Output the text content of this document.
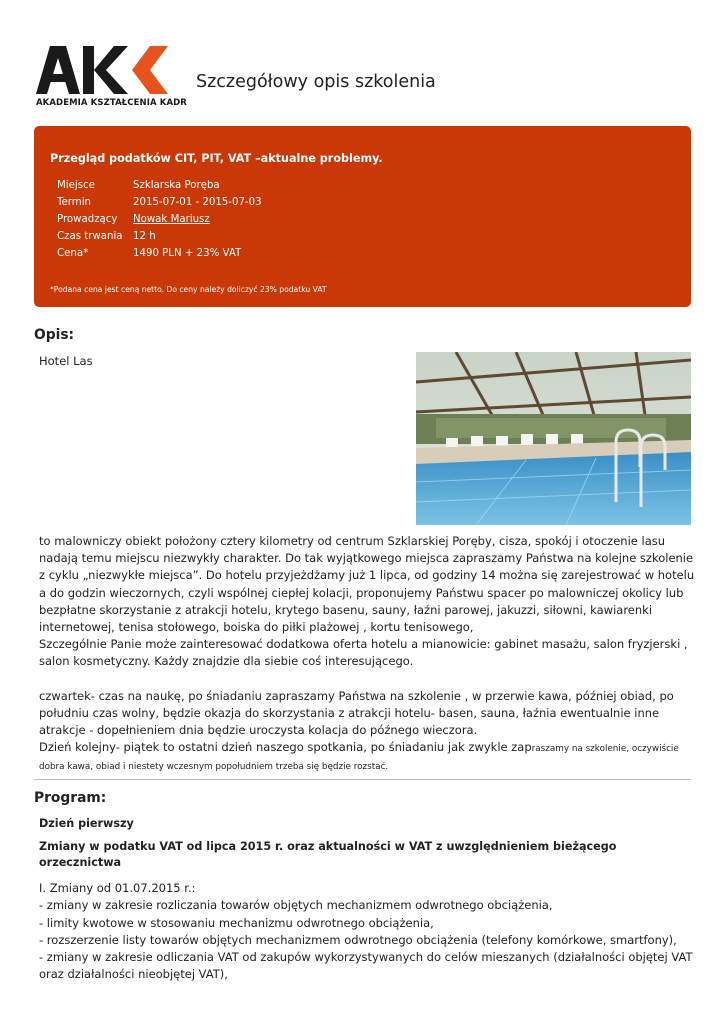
AKADEMIA KSZTAŁCENIA KADR
Szczegółowy opis szkolenia
Przegląd podatków CIT, PIT, VAT –aktualne problemy.
Miejsce	Szklarska Poręba
Termin	2015-07-01 - 2015-07-03
Prowadzący	Nowak Mariusz
Czas trwania	12 h
Cena*	1490 PLN + 23% VAT
*Podana cena jest ceną netto. Do ceny należy doliczyć 23% podatku VAT
Opis:
Hotel Las

to malowniczy obiekt położony cztery kilometry od centrum Szklarskiej Poręby, cisza, spokój i otoczenie lasu

nadają temu miejscu niezwykły charakter. Do tak wyjątkowego miejsca zapraszamy Państwa na kolejne szkolenie

z cyklu „niezwykłe miejsca”. Do hotelu przyjeżdżamy już 1 lipca, od godziny 14 można się zarejestrować w hotelu

a do godzin wieczornych, czyli wspólnej ciepłej kolacji, proponujemy Państwu spacer po malowniczej okolicy lub

bezpłatne skorzystanie z atrakcji hotelu, krytego basenu, sauny, łaźni parowej, jakuzzi, siłowni, kawiarenki

internetowej, tenisa stołowego, boiska do piłki plażowej , kortu tenisowego,

Szczególnie Panie może zainteresować dodatkowa oferta hotelu a mianowicie: gabinet masażu, salon fryzjerski ,

salon kosmetyczny. Każdy znajdzie dla siebie coś interesującego.

czwartek- czas na naukę, po śniadaniu zapraszamy Państwa na szkolenie , w przerwie kawa, później obiad, po

południu czas wolny, będzie okazja do skorzystania z atrakcji hotelu- basen, sauna, łaźnia ewentualnie inne

atrakcje - dopełnieniem dnia będzie uroczysta kolacja do późnego wieczora.

Dzień kolejny- piątek to ostatni dzień naszego spotkania, po śniadaniu jak zwykle zapraszamy na szkolenie, oczywiście

dobra kawa, obiad i niestety wczesnym popołudniem trzeba się będzie rozstać.

Program:
Dzień pierwszy
Zmiany w podatku VAT od lipca 2015 r. oraz aktualności w VAT z uwzględnieniem bieżącego orzecznictwa

I. Zmiany od 01.07.2015 r.:

- zmiany w zakresie rozliczania towarów objętych mechanizmem odwrotnego obciążenia,

- limity kwotowe w stosowaniu mechanizmu odwrotnego obciążenia,

- rozszerzenie listy towarów objętych mechanizmem odwrotnego obciążenia (telefony komórkowe, smartfony),

- zmiany w zakresie odliczania VAT od zakupów wykorzystywanych do celów mieszanych (działalności objętej VAT

oraz działalności nieobjętej VAT),
